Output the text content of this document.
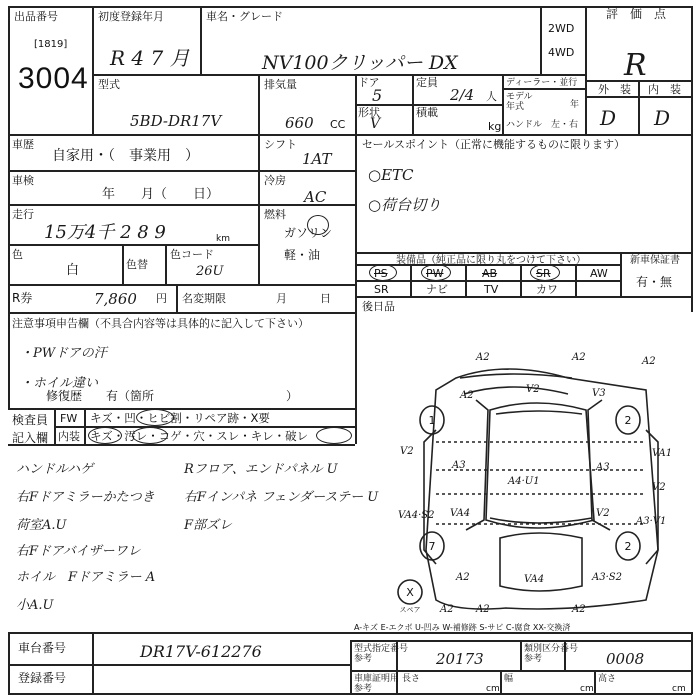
出品番号
[1819]
3004
初度登録年月
R 4 7 月
車名・グレード
NV100クリッパー DX
2WD
4WD
評　価　点
R
外　装 内　装
D D
型式
5BD-DR17V
排気量
660 CC
ドア
5
定員
2/4 人
形状
V
積載
kg
ディーラー・並行
モデル
年式	年
ハンドル　左・右
車歴
自家用・（　事業用　）
シフト
1AT
車検
年　　月（　　日）
冷房
AC
走行
15万4千 2 8 9	km
燃料
ガソリン
軽・油
色
白	色替
色コード
26U
R券	7,860 円 名変期限	月　　　日
セールスポイント（正常に機能するものに限ります）
○ETC
○荷台切り
装備品（純正品に限り丸をつけて下さい）	新車保証書
有・無
PS	PW	AB	SR	AW
SR	ナビ	TV	カワ
後日品
注意事項申告欄（不具合内容等は具体的に記入して下さい）
・PWドアの汗
・ホイル違い
修復歴　　有（箇所　　　　　　　　　　　）
検査員
記入欄
FW キズ・凹・ヒビ割・リペア跡・X要
内装 キズ・汚レ・コゲ・穴・スレ・キレ・破レ
ハンドルハゲ
右Fドアミラーかたつき
荷室A.U
右Fドアバイザーワレ
ホイル　Fドアミラー A
小A.U
Rフロア、エンドパネル U
右Fインパネ フェンダーステー U
F部ズレ
1	2
7	2
X
スペア
A2	A2
A2
V2	V3
A2
V2
A3
A4·U1
A3
VA1
V2
VA4·S2 VA4	V2
A3·V1
A2	A3·S2
VA4
A2	A2
A2
A-キズ E-エクボ U-凹み W-補修跡 S-サビ C-腐食 XX-交換済
車台番号	DR17V-612276
登録番号
型式指定番号
参考	20173
類別区分番号
参考	0008
車庫証明用
参考
長さ
cm
幅
cm
高さ
cm
